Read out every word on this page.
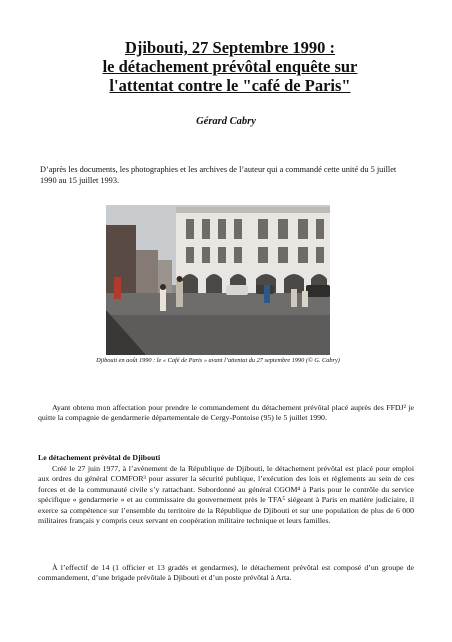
Djibouti, 27 Septembre 1990 :
le détachement prévôtal enquête sur
l'attentat contre le "café de Paris"
Gérard Cabry
D’après les documents, les photographies et les archives de l’auteur qui a commandé cette unité du 5 juillet 1990 au 15 juillet 1993.
Djibouti en août 1990 : le « Café de Paris » avant l’attentat du 27 septembre 1990 (© G. Cabry)
Ayant obtenu mon affectation pour prendre le commandement du détachement prévôtal placé auprès des FFDJ² je quitte la compagnie de gendarmerie départementale de Cergy-Pontoise (95) le 5 juillet 1990.
Le détachement prévôtal de Djibouti
Créé le 27 juin 1977, à l’avènement de la République de Djibouti, le détachement prévôtal est placé pour emploi aux ordres du général COMFOR³ pour assurer la sécurité publique, l’exécution des lois et règlements au sein de ces forces et de la communauté civile s’y rattachant. Subordonné au général CGOM⁴ à Paris pour le contrôle du service spécifique « gendarmerie » et au commissaire du gouvernement près le TFA⁵ siégeant à Paris en matière judiciaire, il exerce sa compétence sur l’ensemble du territoire de la République de Djibouti et sur une population de plus de 6 000 militaires français y compris ceux servant en coopération militaire technique et leurs familles.
À l’effectif de 14 (1 officier et 13 gradés et gendarmes), le détachement prévôtal est composé d’un groupe de commandement, d’une brigade prévôtale à Djibouti et d’un poste prévôtal à Arta.
